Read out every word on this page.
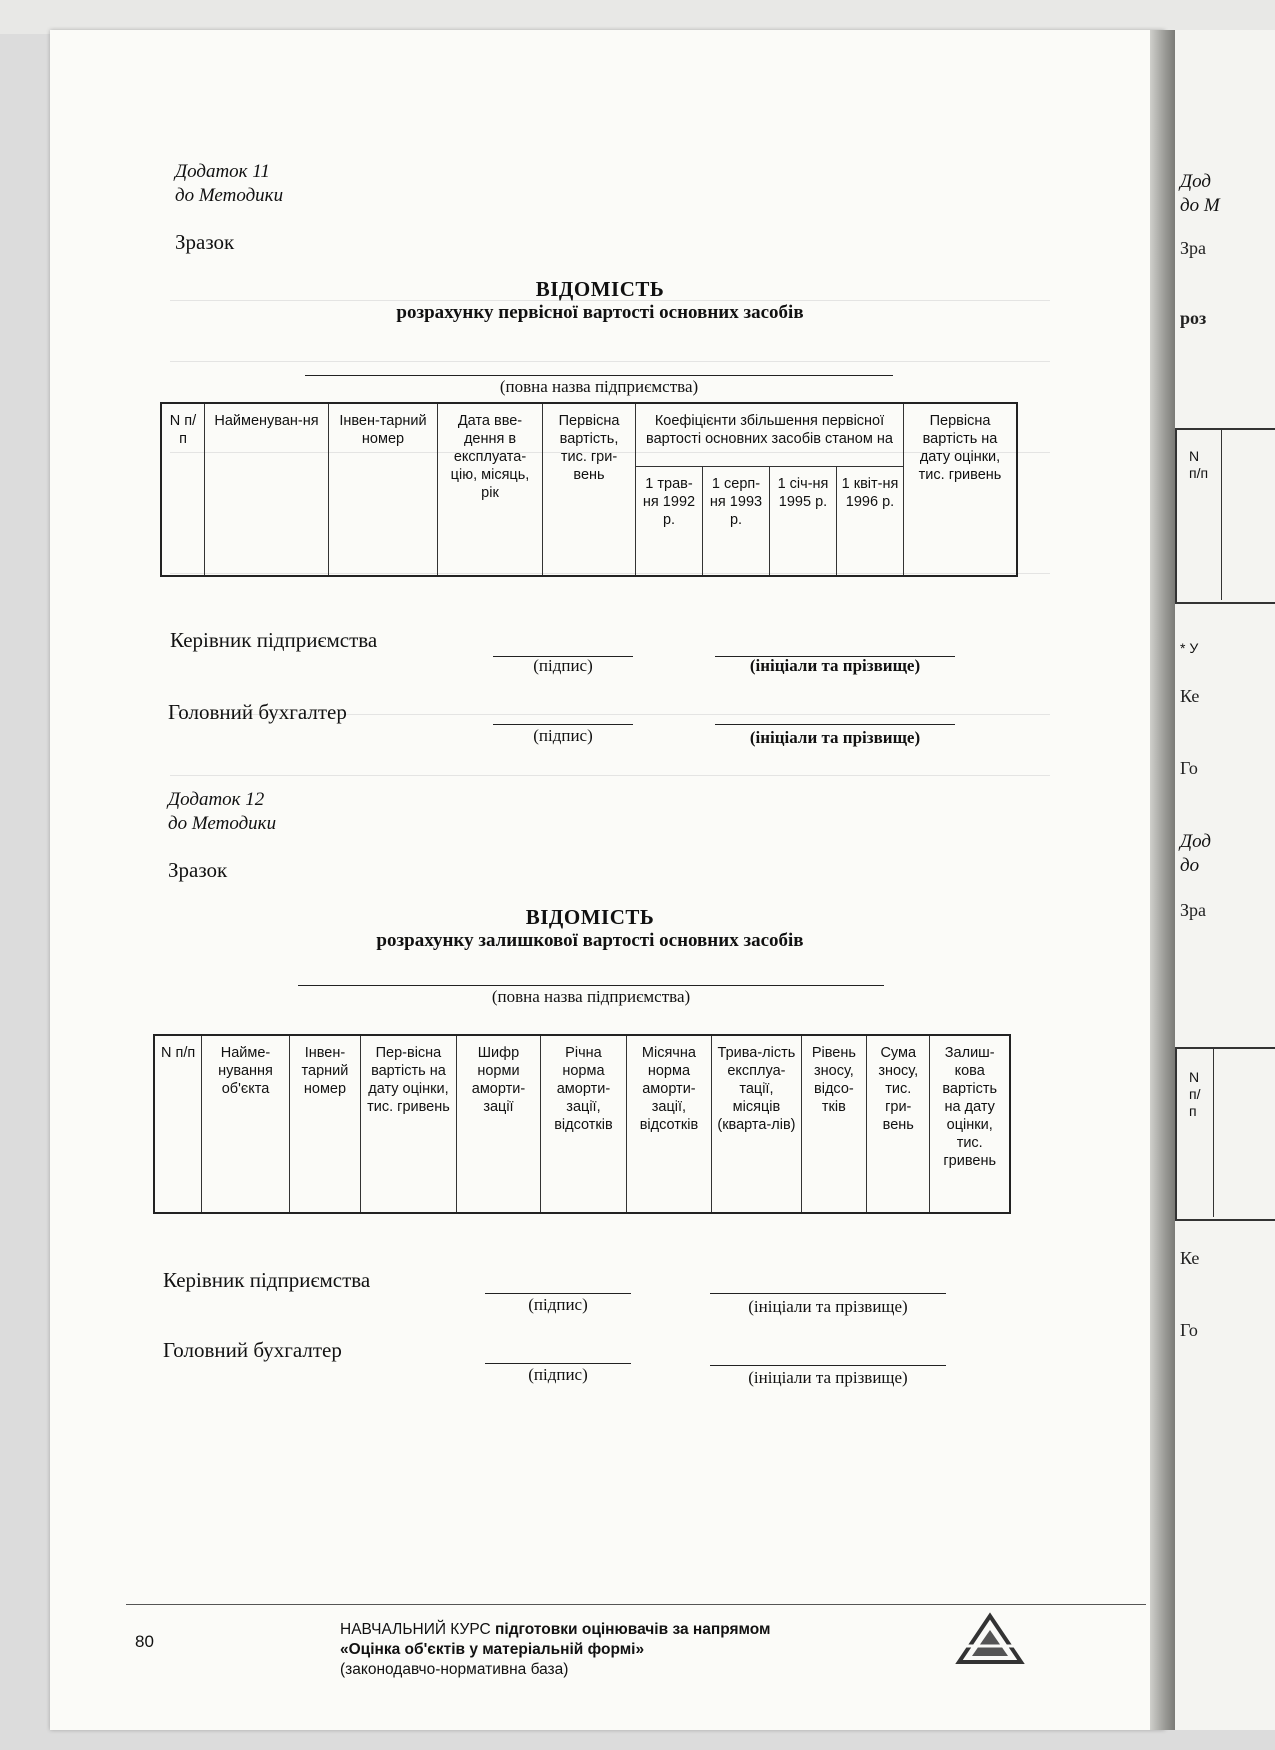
Додаток 11
до Методики
Зразок
ВІДОМІСТЬ
розрахунку первісної вартості основних засобів
(повна назва підприємства)
N п/п	Найменуван-ня	Інвен-тарний номер	Дата вве-дення в експлуата-цію, місяць, рік	Первісна вартість, тис. гри-вень	Коефіцієнти збільшення первісної вартості основних засобів станом на				Первісна вартість на дату оцінки, тис. гривень
					1 трав-ня 1992 р.	1 серп-ня 1993 р.	1 січ-ня 1995 р.	1 квіт-ня 1996 р.	
Керівник підприємства
(підпис)	(ініціали та прізвище)
Головний бухгалтер
(підпис)	(ініціали та прізвище)
Додаток 12
до Методики
Зразок
ВІДОМІСТЬ
розрахунку залишкової вартості основних засобів
(повна назва підприємства)
N п/п	Найме-нування об'єкта	Інвен-тарний номер	Пер-вісна вартість на дату оцінки, тис. гривень	Шифр норми аморти-зації	Річна норма аморти-зації, відсотків	Місячна норма аморти-зації, відсотків	Трива-лість експлуа-тації, місяців (кварта-лів)	Рівень зносу, відсо-тків	Сума зносу, тис. гри-вень	Залиш-кова вартість на дату оцінки, тис. гривень
Керівник підприємства
(підпис)	(ініціали та прізвище)
Головний бухгалтер
(підпис)	(ініціали та прізвище)
80
НАВЧАЛЬНИЙ КУРС підготовки оцінювачів за напрямом
«Оцінка об'єктів у матеріальній формі»
(законодавчо-нормативна база)
Дод
до М
Зра
роз
N
п/п
* У
Ке
Го
Дод
до
Зра
N
п/
п
Ке
Го
